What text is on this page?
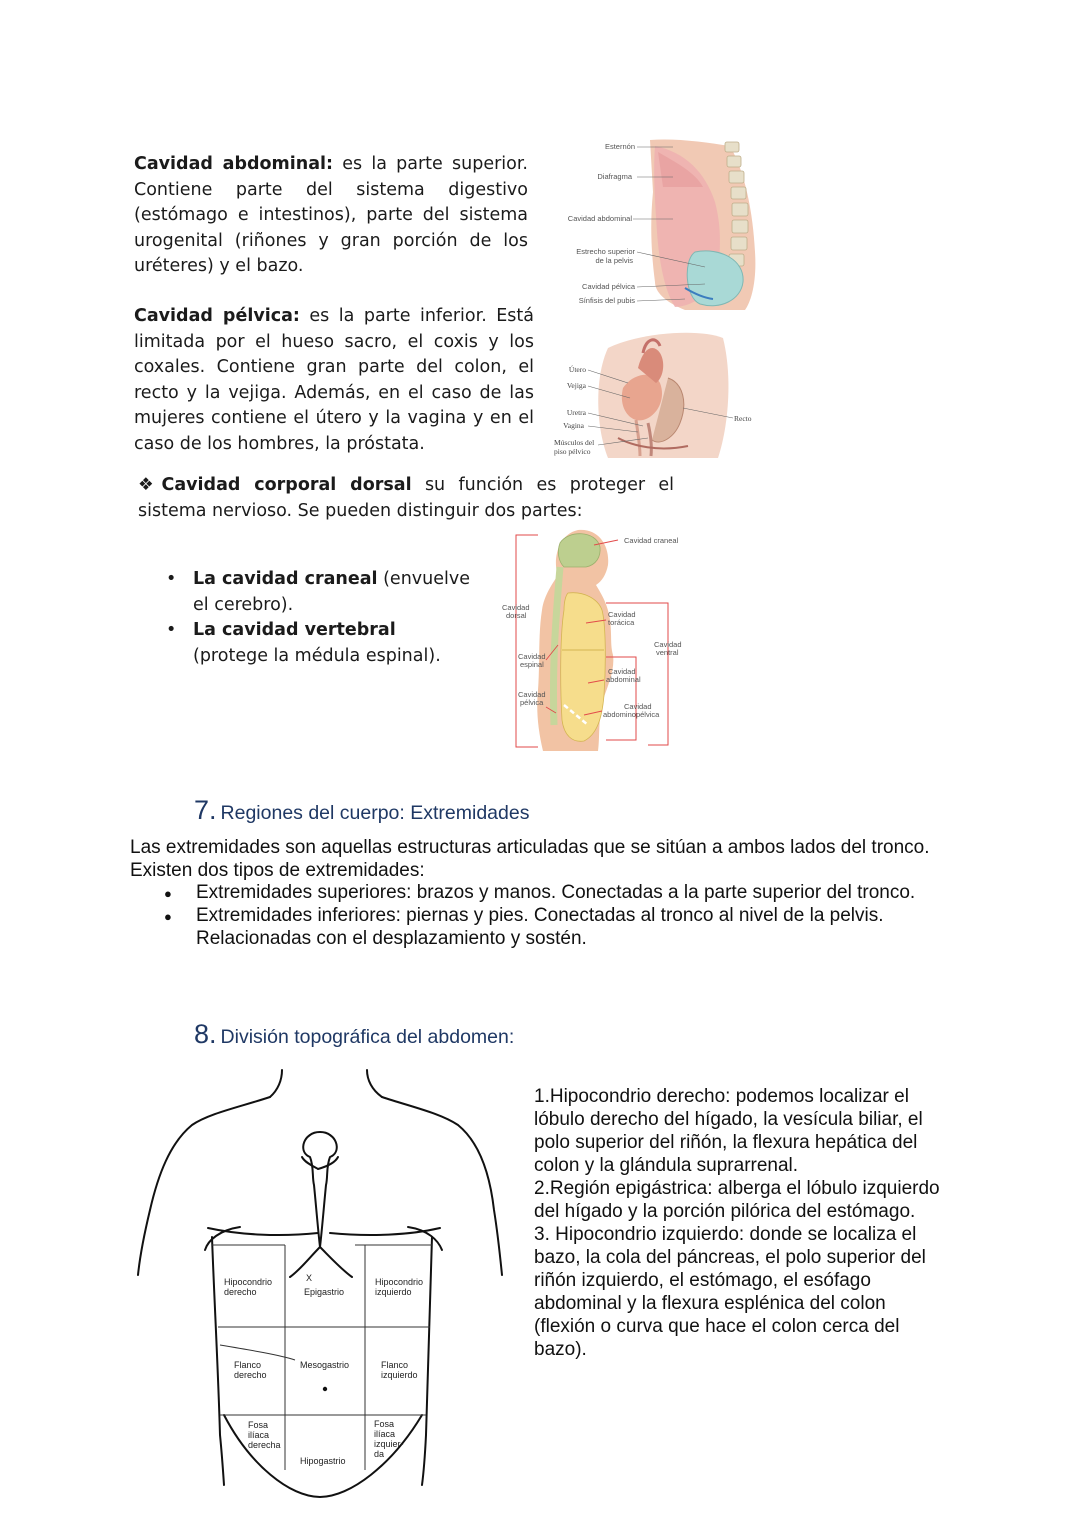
Cavidad abdominal: es la parte superior. Contiene parte del sistema digestivo (estómago e intestinos), parte del sistema urogenital (riñones y gran porción de los uréteres) y el bazo.
Cavidad pélvica: es la parte inferior. Está limitada por el hueso sacro, el coxis y los coxales. Contiene gran parte del colon, el recto y la vejiga. Además, en el caso de las mujeres contiene el útero y la vagina y en el caso de los hombres, la próstata.
Esternón
Diafragma
Cavidad abdominal
Estrecho superior
de la pelvis
Cavidad pélvica
Sínfisis del pubis
Útero
Vejiga
Uretra
Vagina
Músculos del
piso pélvico
Recto
❖Cavidad corporal dorsal su función es proteger el sistema nervioso. Se pueden distinguir dos partes:
• La cavidad craneal (envuelve el cerebro).
• La cavidad vertebral (protege la médula espinal).
Cavidad craneal
Cavidad
dorsal	Cavidad
torácica
Cavidad
ventral
Cavidad
espinal
Cavidad
abdominal
Cavidad
pélvica	Cavidad
abdominopélvica
7. Regiones del cuerpo: Extremidades
Las extremidades son aquellas estructuras articuladas que se sitúan a ambos lados del tronco. Existen dos tipos de extremidades:
● Extremidades superiores: brazos y manos. Conectadas a la parte superior del tronco.
● Extremidades inferiores: piernas y pies. Conectadas al tronco al nivel de la pelvis. Relacionadas con el desplazamiento y sostén.
8. División topográfica del abdomen:
1.Hipocondrio derecho: podemos localizar el lóbulo derecho del hígado, la vesícula biliar, el polo superior del riñón, la flexura hepática del colon y la glándula suprarrenal.
2.Región epigástrica: alberga el lóbulo izquierdo del hígado y la porción pilórica del estómago.
3. Hipocondrio izquierdo: donde se localiza el bazo, la cola del páncreas, el polo superior del riñón izquierdo, el estómago, el esófago abdominal y la flexura esplénica del colon (flexión o curva que hace el colon cerca del bazo).
X
Hipocondrio
derecho	Epigastrio
Hipocondrio
izquierdo
Flanco
derecho
Mesogastrio	Flanco
izquierdo
Fosa
ilíaca
derecha
Hipogastrio
Fosa
ilíaca
izquier-
da
